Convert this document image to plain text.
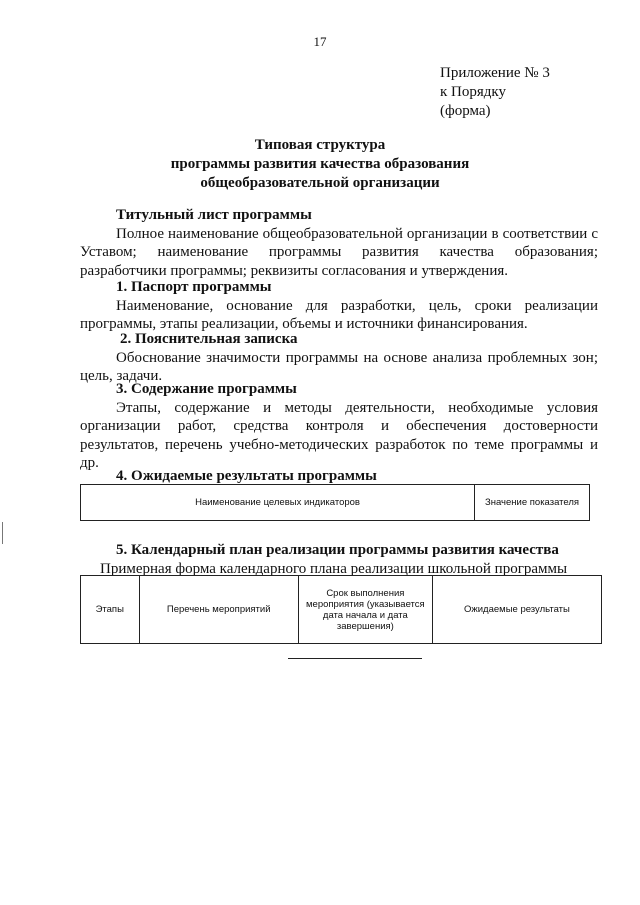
17
Приложение № 3
к Порядку
(форма)
Типовая структура
программы развития качества образования
общеобразовательной организации
Титульный лист программы
Полное наименование общеобразовательной организации в соответствии с Уставом; наименование программы развития качества образования; разработчики программы; реквизиты согласования и утверждения.
1. Паспорт программы
Наименование, основание для разработки, цель, сроки реализации программы, этапы реализации, объемы и источники финансирования.
2. Пояснительная записка
Обоснование значимости программы на основе анализа проблемных зон; цель, задачи.
3. Содержание программы
Этапы, содержание и методы деятельности, необходимые условия организации работ, средства контроля и обеспечения достоверности результатов, перечень учебно-методических разработок по теме программы и др.
4. Ожидаемые результаты программы
Наименование целевых индикаторов	Значение показателя
5. Календарный план реализации программы развития качества
Примерная форма календарного плана реализации школьной программы
Этапы	Перечень мероприятий	Срок выполнения мероприятия (указывается дата начала и дата завершения)	Ожидаемые результаты
